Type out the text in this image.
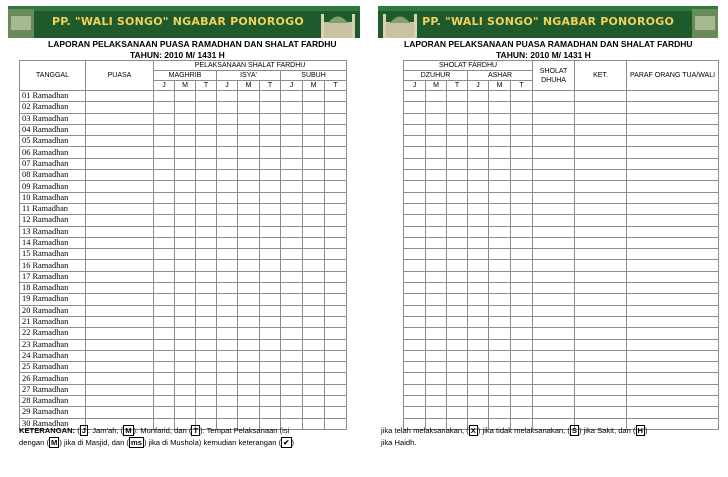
PP. "WALI SONGO" NGABAR PONOROGO	PP. "WALI SONGO" NGABAR PONOROGO
LAPORAN PELAKSANAAN PUASA RAMADHAN DAN SHALAT FARDHU
TAHUN: 2010 M/ 1431 H
LAPORAN PELAKSANAAN PUASA RAMADHAN DAN SHALAT FARDHU
TAHUN: 2010 M/ 1431 H
TANGGAL	PUASA	PELAKSANAAN SHALAT FARDHU								
		MAGHRIB			ISYA'			SUBUH		
		J	M	T	J	M	T	J	M	T
01 Ramadhan										
02 Ramadhan										
03 Ramadhan										
04 Ramadhan										
05 Ramadhan										
06 Ramadhan										
07 Ramadhan										
08 Ramadhan										
09 Ramadhan										
10 Ramadhan										
11 Ramadhan										
12 Ramadhan										
13 Ramadhan										
14 Ramadhan										
15 Ramadhan										
16 Ramadhan										
17 Ramadhan										
18 Ramadhan										
19 Ramadhan										
20 Ramadhan										
21 Ramadhan										
22 Ramadhan										
23 Ramadhan										
24 Ramadhan										
25 Ramadhan										
26 Ramadhan										
27 Ramadhan										
28 Ramadhan										
29 Ramadhan										
30 Ramadhan										
SHOLAT FARDHU						SHOLAT DHUHA	KET.	PARAF ORANG TUA/WALI
DZUHUR			ASHAR					
J	M	T	J	M	T			

KETERANGAN: ( J : Jam'ah, ( M ): Munfarid, dan ( T ): Tempat Pelaksanaan (isi
dengan ( M ) jika di Masjid, dan ( ms ) jika di Mushola) kemudian keterangan ( ✔ )
jika telah melaksanakan, ( X ) jika tidak melaksanakan, ( S ) jika Sakit, dan ( H )
jika Haidh.
